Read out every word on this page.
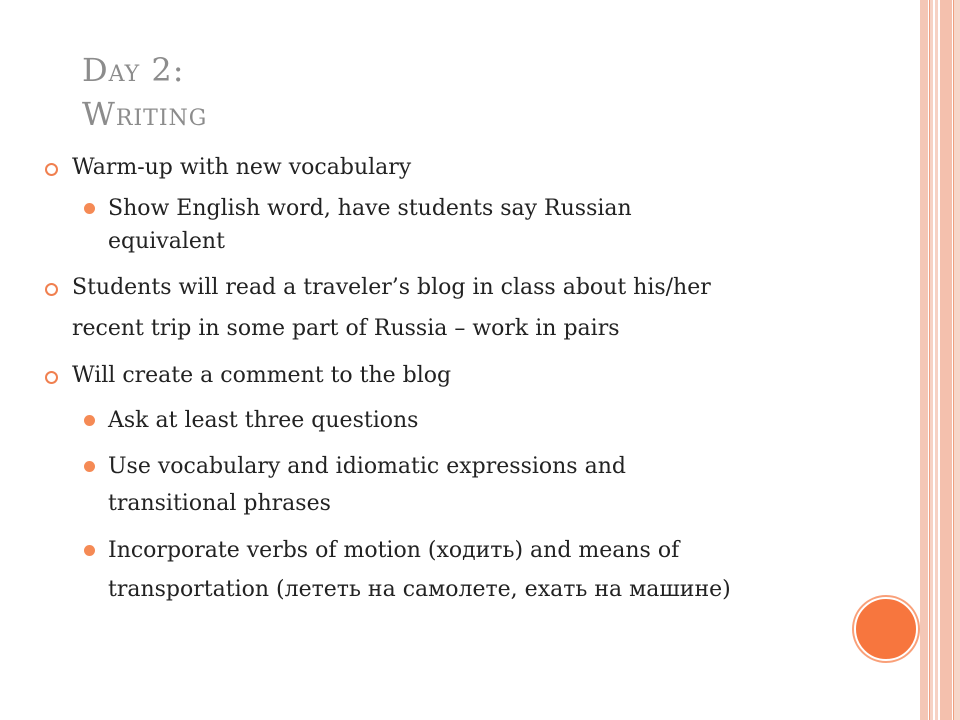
Day 2:
Writing
Warm-up with new vocabulary
Show English word, have students say Russian
equivalent
Students will read a traveler’s blog in class about his/her
recent trip in some part of Russia – work in pairs
Will create a comment to the blog
Ask at least three questions
Use vocabulary and idiomatic expressions and
transitional phrases
Incorporate verbs of motion (ходить) and means of
transportation (лететь на самолете, ехать на машине)
